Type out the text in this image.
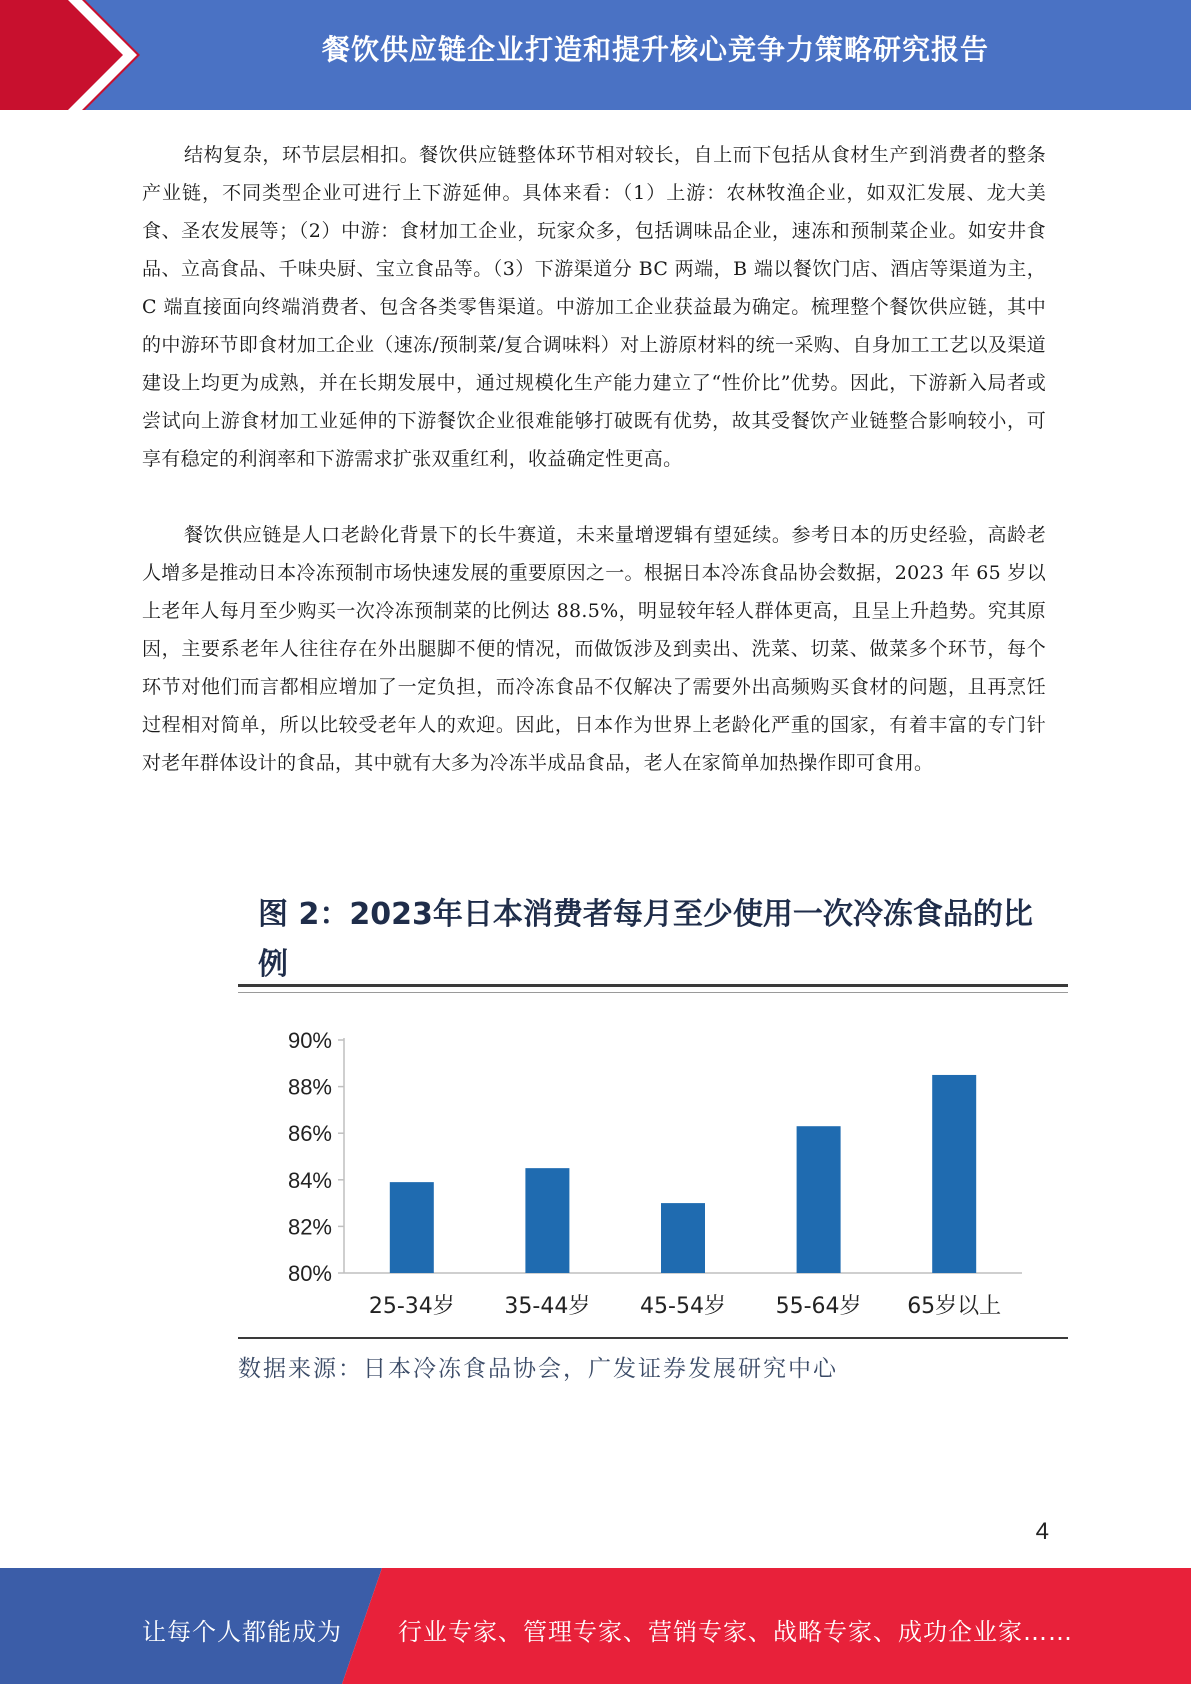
餐饮供应链企业打造和提升核心竞争力策略研究报告

结构复杂，环节层层相扣。餐饮供应链整体环节相对较长，自上而下包括从食材生产到消费者的整条产业链，不同类型企业可进行上下游延伸。具体来看：（1）上游：农林牧渔企业，如双汇发展、龙大美食、圣农发展等；（2）中游：食材加工企业，玩家众多，包括调味品企业，速冻和预制菜企业。如安井食品、立高食品、千味央厨、宝立食品等。（3）下游渠道分 BC 两端，B 端以餐饮门店、酒店等渠道为主，C 端直接面向终端消费者、包含各类零售渠道。中游加工企业获益最为确定。梳理整个餐饮供应链，其中的中游环节即食材加工企业（速冻/预制菜/复合调味料）对上游原材料的统一采购、自身加工工艺以及渠道建设上均更为成熟，并在长期发展中，通过规模化生产能力建立了“性价比”优势。因此，下游新入局者或尝试向上游食材加工业延伸的下游餐饮企业很难能够打破既有优势，故其受餐饮产业链整合影响较小，可享有稳定的利润率和下游需求扩张双重红利，收益确定性更高。

餐饮供应链是人口老龄化背景下的长牛赛道，未来量增逻辑有望延续。参考日本的历史经验，高龄老人增多是推动日本冷冻预制市场快速发展的重要原因之一。根据日本冷冻食品协会数据，2023 年 65 岁以上老年人每月至少购买一次冷冻预制菜的比例达 88.5%，明显较年轻人群体更高，且呈上升趋势。究其原因，主要系老年人往往存在外出腿脚不便的情况，而做饭涉及到卖出、洗菜、切菜、做菜多个环节，每个环节对他们而言都相应增加了一定负担，而冷冻食品不仅解决了需要外出高频购买食材的问题，且再烹饪过程相对简单，所以比较受老年人的欢迎。因此，日本作为世界上老龄化严重的国家，有着丰富的专门针对老年群体设计的食品，其中就有大多为冷冻半成品食品，老人在家简单加热操作即可食用。

图 2：2023年日本消费者每月至少使用一次冷冻食品的比例
80%
82%
84%
86%
88%
90%
25-34岁 35-44岁 45-54岁 55-64岁 65岁以上
数据来源：日本冷冻食品协会，广发证券发展研究中心
4
让每个人都能成为 行业专家、管理专家、营销专家、战略专家、成功企业家……
